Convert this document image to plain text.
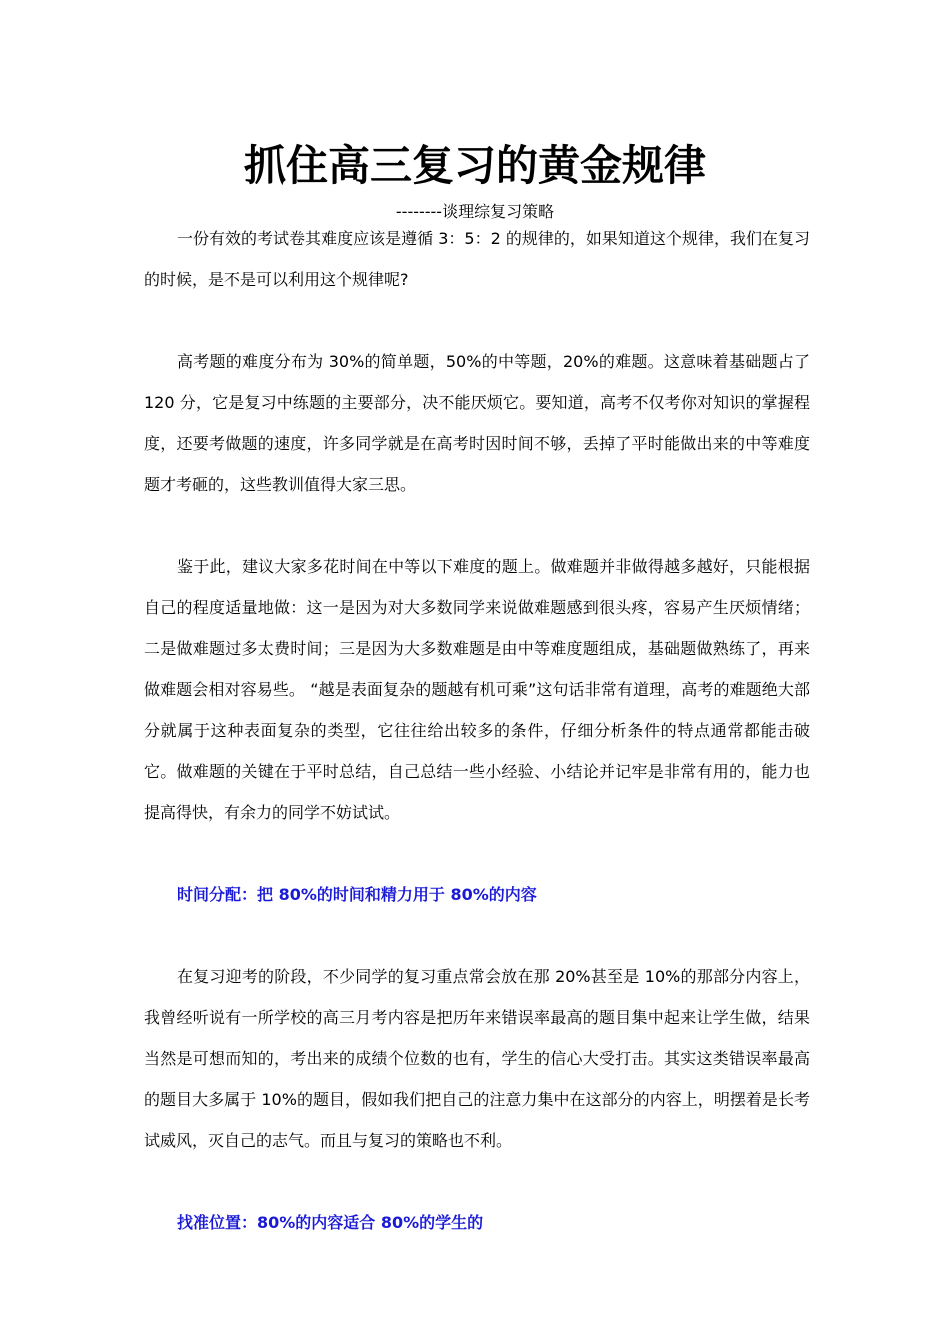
抓住高三复习的黄金规律
--------谈理综复习策略

一份有效的考试卷其难度应该是遵循 3：5：2 的规律的，如果知道这个规律，我们在复习的时候，是不是可以利用这个规律呢?

高考题的难度分布为 30%的简单题，50%的中等题，20%的难题。这意味着基础题占了 120 分，它是复习中练题的主要部分，决不能厌烦它。要知道，高考不仅考你对知识的掌握程度，还要考做题的速度，许多同学就是在高考时因时间不够，丢掉了平时能做出来的中等难度题才考砸的，这些教训值得大家三思。

鉴于此，建议大家多花时间在中等以下难度的题上。做难题并非做得越多越好，只能根据自己的程度适量地做：这一是因为对大多数同学来说做难题感到很头疼，容易产生厌烦情绪；二是做难题过多太费时间；三是因为大多数难题是由中等难度题组成，基础题做熟练了，再来做难题会相对容易些。 “越是表面复杂的题越有机可乘”这句话非常有道理，高考的难题绝大部分就属于这种表面复杂的类型，它往往给出较多的条件，仔细分析条件的特点通常都能击破它。做难题的关键在于平时总结，自己总结一些小经验、小结论并记牢是非常有用的，能力也提高得快，有余力的同学不妨试试。

时间分配：把 80%的时间和精力用于 80%的内容

在复习迎考的阶段，不少同学的复习重点常会放在那 20%甚至是 10%的那部分内容上，我曾经听说有一所学校的高三月考内容是把历年来错误率最高的题目集中起来让学生做，结果当然是可想而知的，考出来的成绩个位数的也有，学生的信心大受打击。其实这类错误率最高的题目大多属于 10%的题目，假如我们把自己的注意力集中在这部分的内容上，明摆着是长考试威风，灭自己的志气。而且与复习的策略也不利。

找准位置：80%的内容适合 80%的学生的
